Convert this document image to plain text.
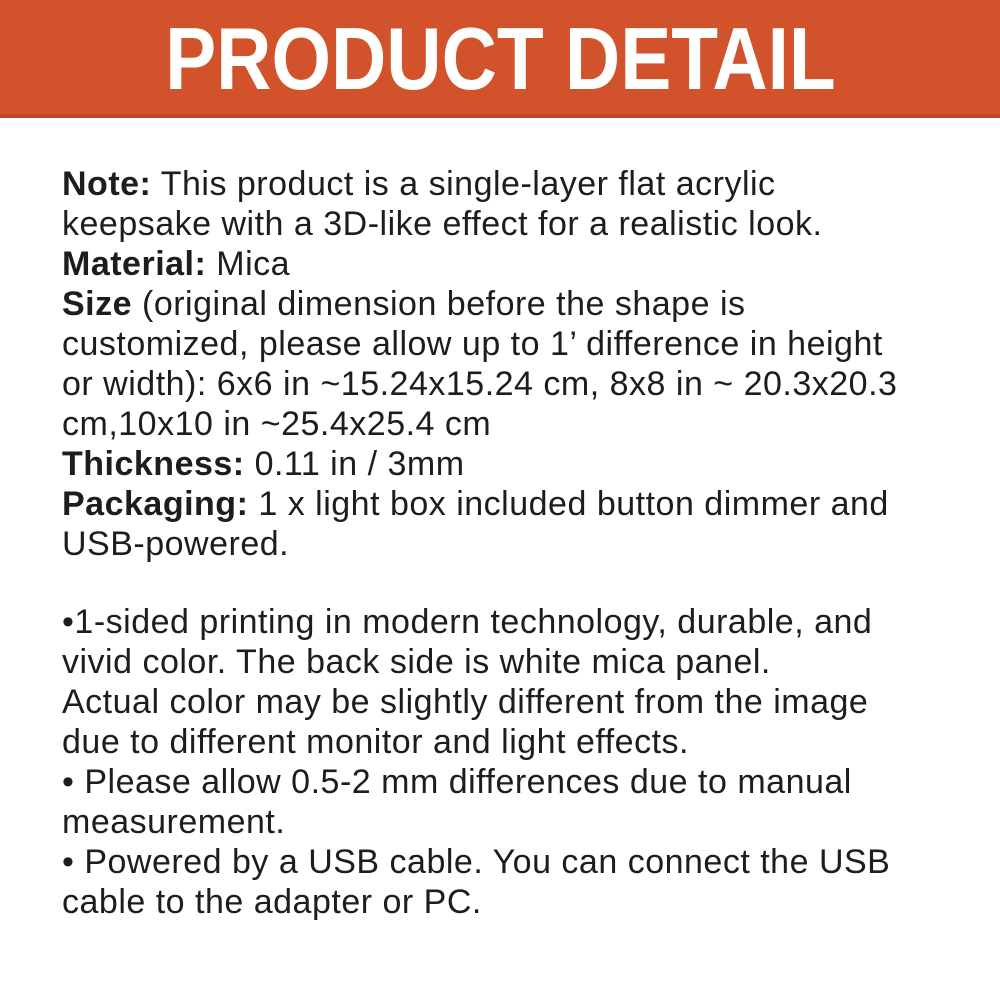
PRODUCT DETAIL
Note: This product is a single-layer flat acrylic
keepsake with a 3D-like effect for a realistic look.
Material: Mica
Size (original dimension before the shape is
customized, please allow up to 1’ difference in height
or width): 6x6 in ~15.24x15.24 cm, 8x8 in ~ 20.3x20.3
cm,10x10 in ~25.4x25.4 cm
Thickness: 0.11 in / 3mm
Packaging: 1 x light box included button dimmer and
USB-powered.
•1-sided printing in modern technology, durable, and
vivid color. The back side is white mica panel.
Actual color may be slightly different from the image
due to different monitor and light effects.
• Please allow 0.5-2 mm differences due to manual
measurement.
• Powered by a USB cable. You can connect the USB
cable to the adapter or PC.
